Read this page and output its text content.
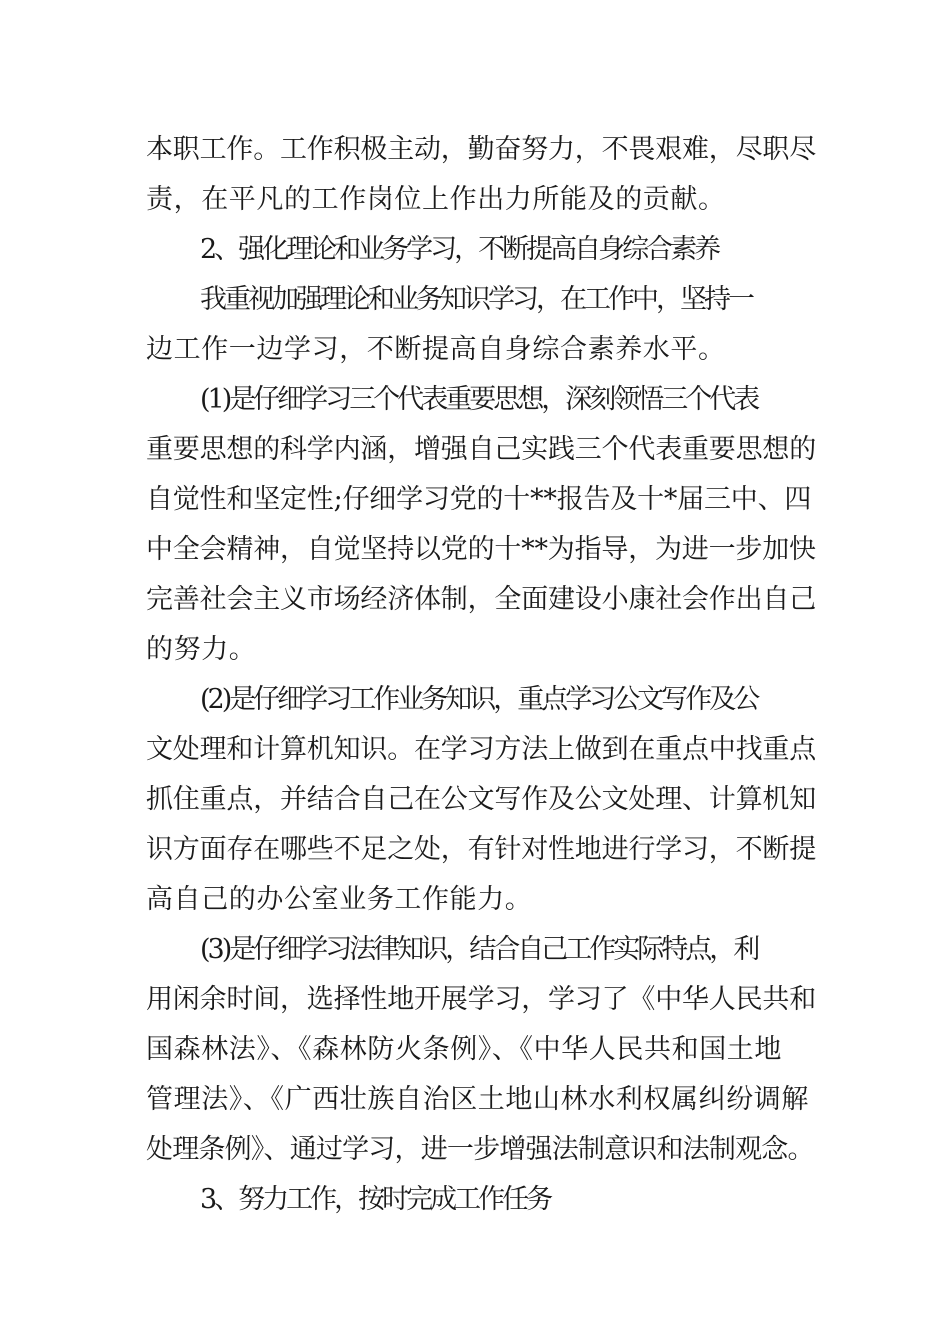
本职工作。工作积极主动，勤奋努力，不畏艰难，尽职尽
责，在平凡的工作岗位上作出力所能及的贡献。
2、强化理论和业务学习，不断提高自身综合素养
我重视加强理论和业务知识学习，在工作中，坚持一
边工作一边学习，不断提高自身综合素养水平。
(1)是仔细学习三个代表重要思想，深刻领悟三个代表
重要思想的科学内涵，增强自己实践三个代表重要思想的
自觉性和坚定性;仔细学习党的十**报告及十*届三中、四
中全会精神，自觉坚持以党的十**为指导，为进一步加快
完善社会主义市场经济体制，全面建设小康社会作出自己
的努力。
(2)是仔细学习工作业务知识，重点学习公文写作及公
文处理和计算机知识。在学习方法上做到在重点中找重点
抓住重点，并结合自己在公文写作及公文处理、计算机知
识方面存在哪些不足之处，有针对性地进行学习，不断提
高自己的办公室业务工作能力。
(3)是仔细学习法律知识，结合自己工作实际特点，利
用闲余时间，选择性地开展学习，学习了《中华人民共和
国森林法》、《森林防火条例》、《中华人民共和国土地
管理法》、《广西壮族自治区土地山林水利权属纠纷调解
处理条例》、通过学习，进一步增强法制意识和法制观念。
3、努力工作，按时完成工作任务
